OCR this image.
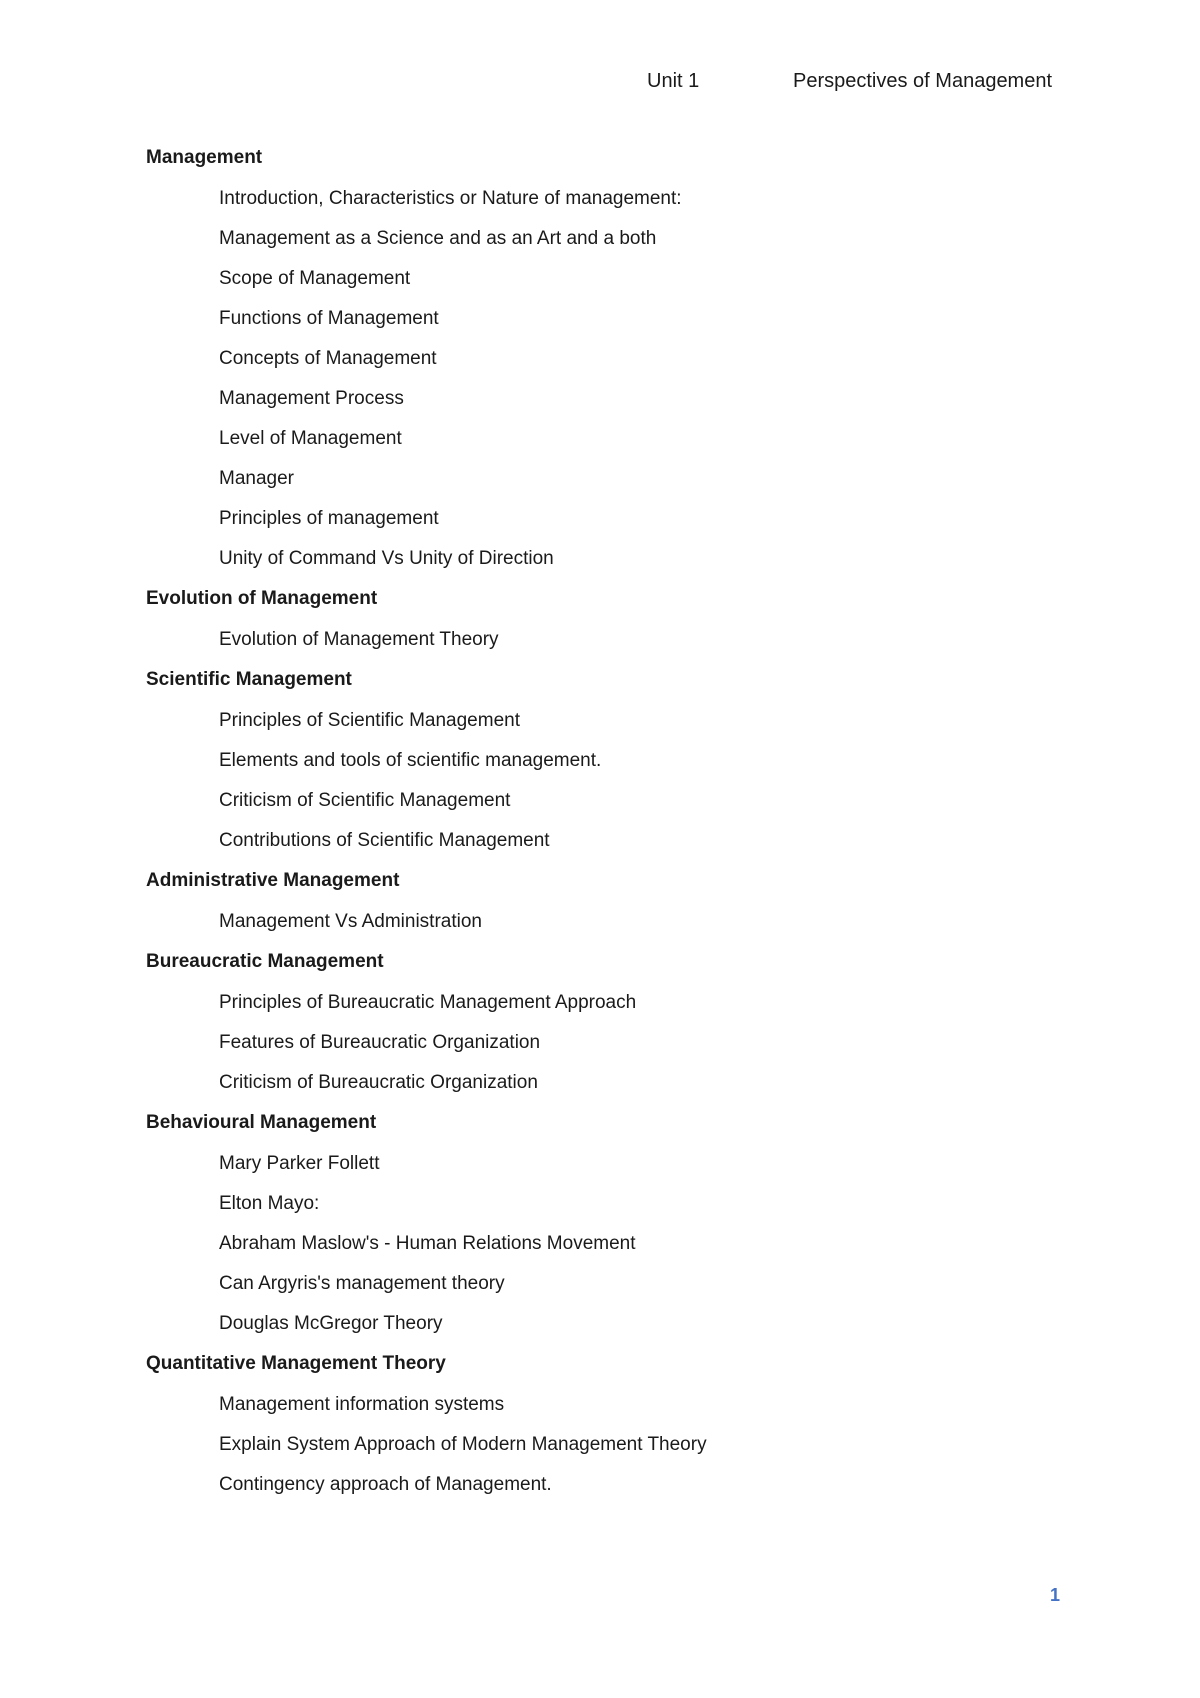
Unit 1	Perspectives of Management
Management
Introduction, Characteristics or Nature of management:
Management as a Science and as an Art and a both
Scope of Management
Functions of Management
Concepts of Management
Management Process
Level of Management
Manager
Principles of management
Unity of Command Vs Unity of Direction
Evolution of Management
Evolution of Management Theory
Scientific Management
Principles of Scientific Management
Elements and tools of scientific management.
Criticism of Scientific Management
Contributions of Scientific Management
Administrative Management
Management Vs Administration
Bureaucratic Management
Principles of Bureaucratic Management Approach
Features of Bureaucratic Organization
Criticism of Bureaucratic Organization
Behavioural Management
Mary Parker Follett
Elton Mayo:
Abraham Maslow's - Human Relations Movement
Can Argyris's management theory
Douglas McGregor Theory
Quantitative Management Theory
Management information systems
Explain System Approach of Modern Management Theory
Contingency approach of Management.
1
